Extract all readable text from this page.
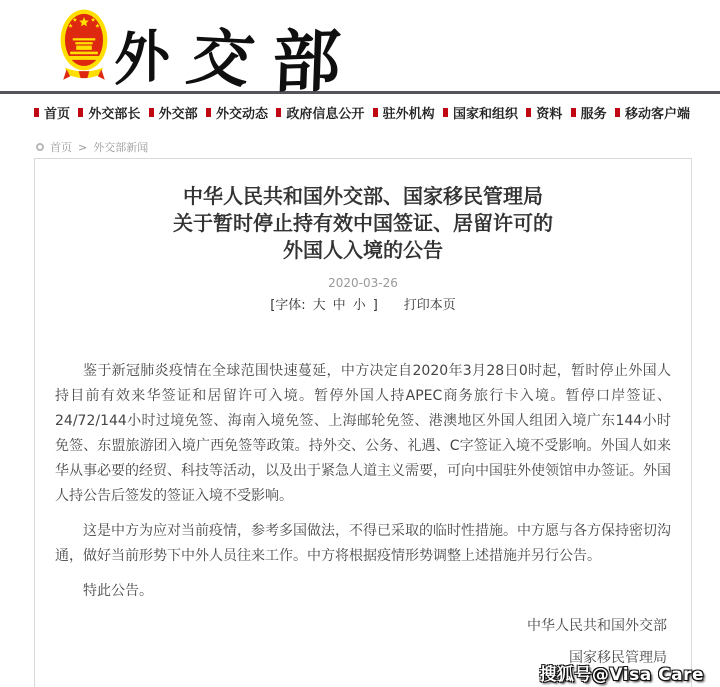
外 交 部
首页 外交部长 外交部 外交动态 政府信息公开 驻外机构 国家和组织 资料 服务 移动客户端
首页 > 外交部新闻
中华人民共和国外交部、国家移民管理局
关于暂时停止持有效中国签证、居留许可的
外国人入境的公告
2020-03-26
[字体: 大 中 小 ] 打印本页

鉴于新冠肺炎疫情在全球范围快速蔓延，中方决定自2020年3月28日0时起，暂时停止外国人持目前有效来华签证和居留许可入境。暂停外国人持APEC商务旅行卡入境。暂停口岸签证、24/72/144小时过境免签、海南入境免签、上海邮轮免签、港澳地区外国人组团入境广东144小时免签、东盟旅游团入境广西免签等政策。持外交、公务、礼遇、C字签证入境不受影响。外国人如来华从事必要的经贸、科技等活动，以及出于紧急人道主义需要，可向中国驻外使领馆申办签证。外国人持公告后签发的签证入境不受影响。

这是中方为应对当前疫情，参考多国做法，不得已采取的临时性措施。中方愿与各方保持密切沟通，做好当前形势下中外人员往来工作。中方将根据疫情形势调整上述措施并另行公告。

特此公告。

中华人民共和国外交部
国家移民管理局
搜狐号@Visa Care
